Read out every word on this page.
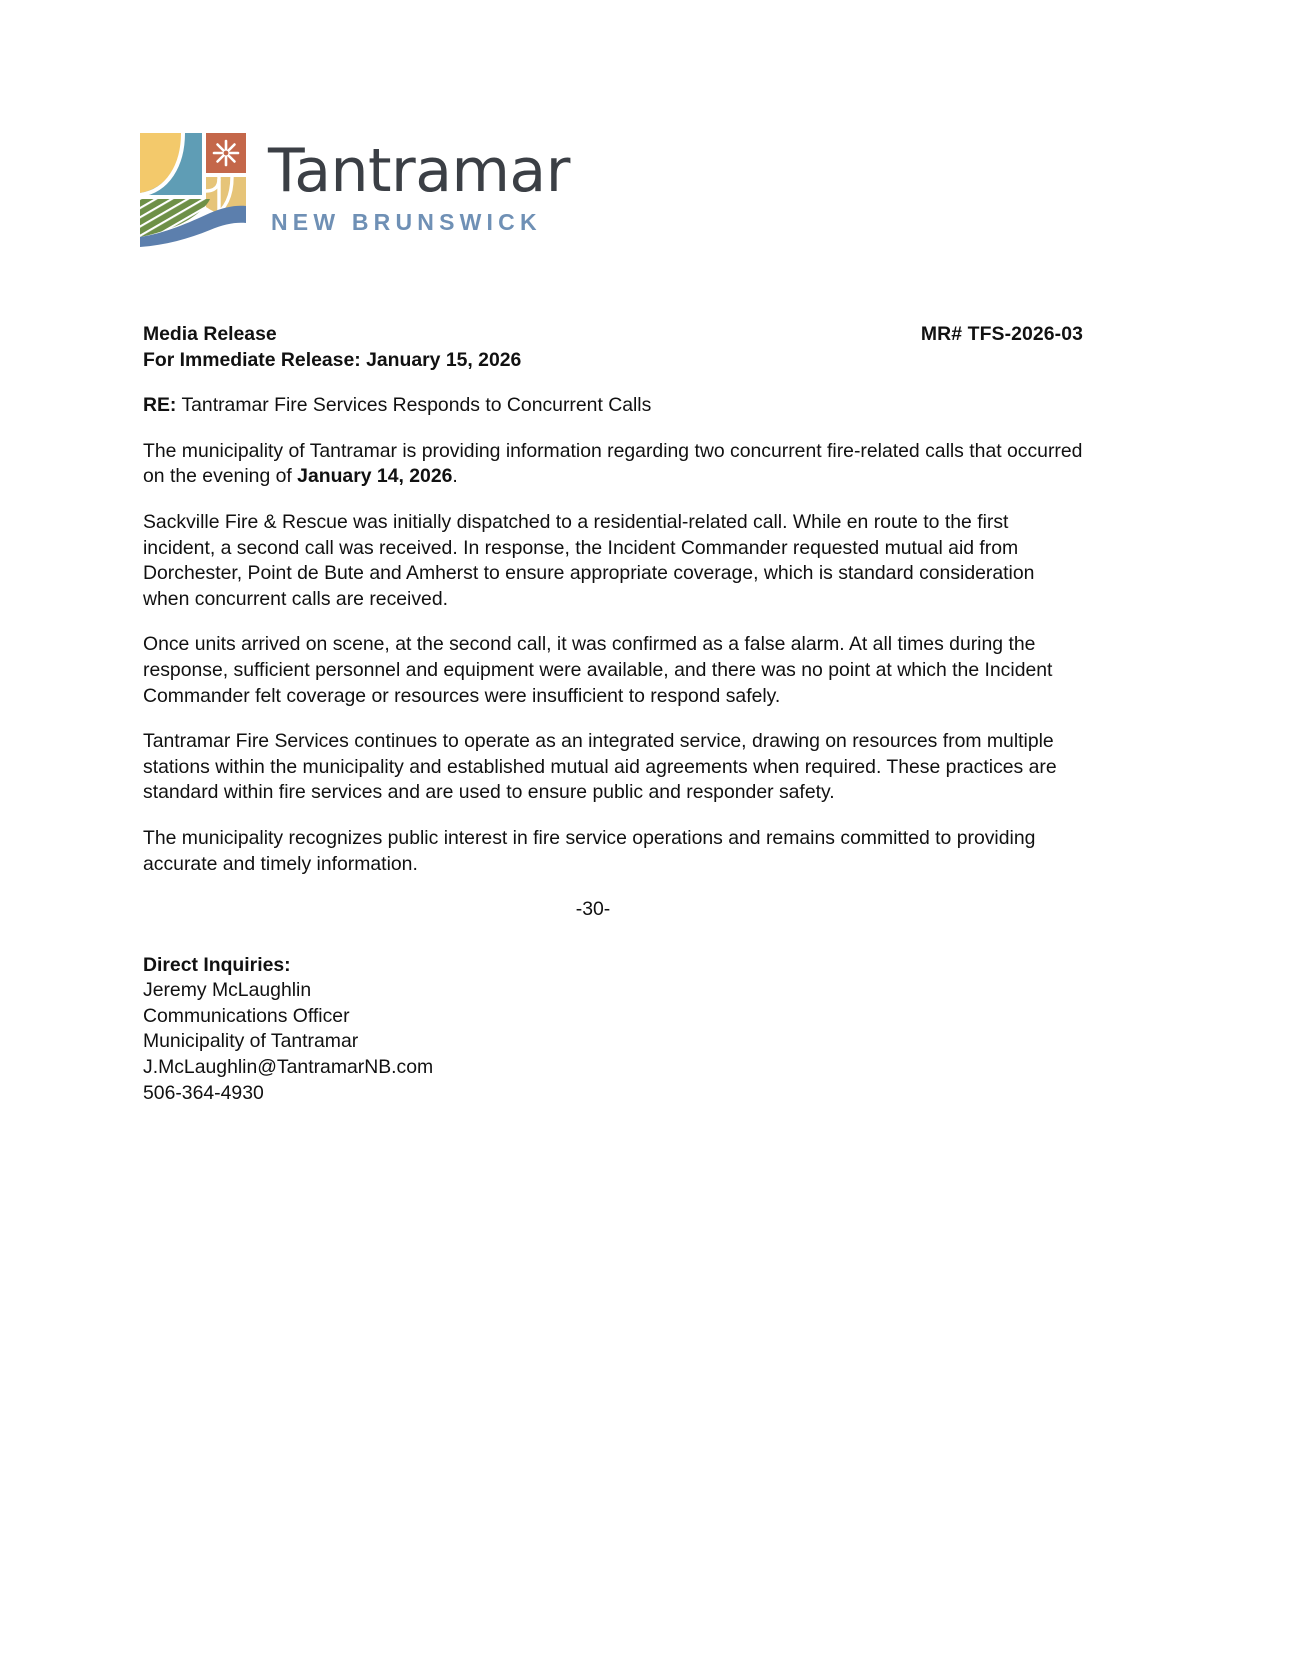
Tantramar
NEW BRUNSWICK
Media Release	MR# TFS-2026-03
For Immediate Release: January 15, 2026

RE: Tantramar Fire Services Responds to Concurrent Calls

The municipality of Tantramar is providing information regarding two concurrent fire-related calls that occurred on the evening of January 14, 2026.

Sackville Fire & Rescue was initially dispatched to a residential-related call. While en route to the first incident, a second call was received. In response, the Incident Commander requested mutual aid from Dorchester, Point de Bute and Amherst to ensure appropriate coverage, which is standard consideration when concurrent calls are received.

Once units arrived on scene, at the second call, it was confirmed as a false alarm. At all times during the response, sufficient personnel and equipment were available, and there was no point at which the Incident Commander felt coverage or resources were insufficient to respond safely.

Tantramar Fire Services continues to operate as an integrated service, drawing on resources from multiple stations within the municipality and established mutual aid agreements when required. These practices are standard within fire services and are used to ensure public and responder safety.

The municipality recognizes public interest in fire service operations and remains committed to providing accurate and timely information.

-30-

Direct Inquiries:

Jeremy McLaughlin

Communications Officer

Municipality of Tantramar

J.McLaughlin@TantramarNB.com

506-364-4930
